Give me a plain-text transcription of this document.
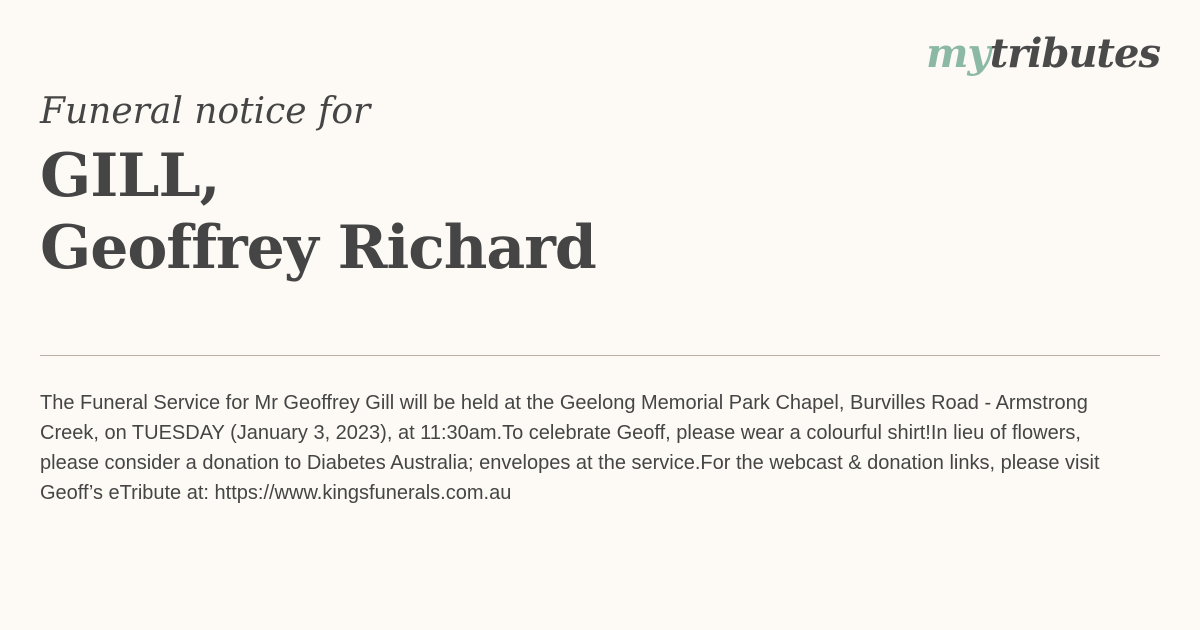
mytributes
Funeral notice for
GILL,
Geoffrey Richard

The Funeral Service for Mr Geoffrey Gill will be held at the Geelong Memorial Park Chapel, Burvilles Road - Armstrong Creek, on TUESDAY (January 3, 2023), at 11:30am.To celebrate Geoff, please wear a colourful shirt!In lieu of flowers, please consider a donation to Diabetes Australia; envelopes at the service.For the webcast & donation links, please visit Geoff’s eTribute at: https://www.kingsfunerals.com.au
